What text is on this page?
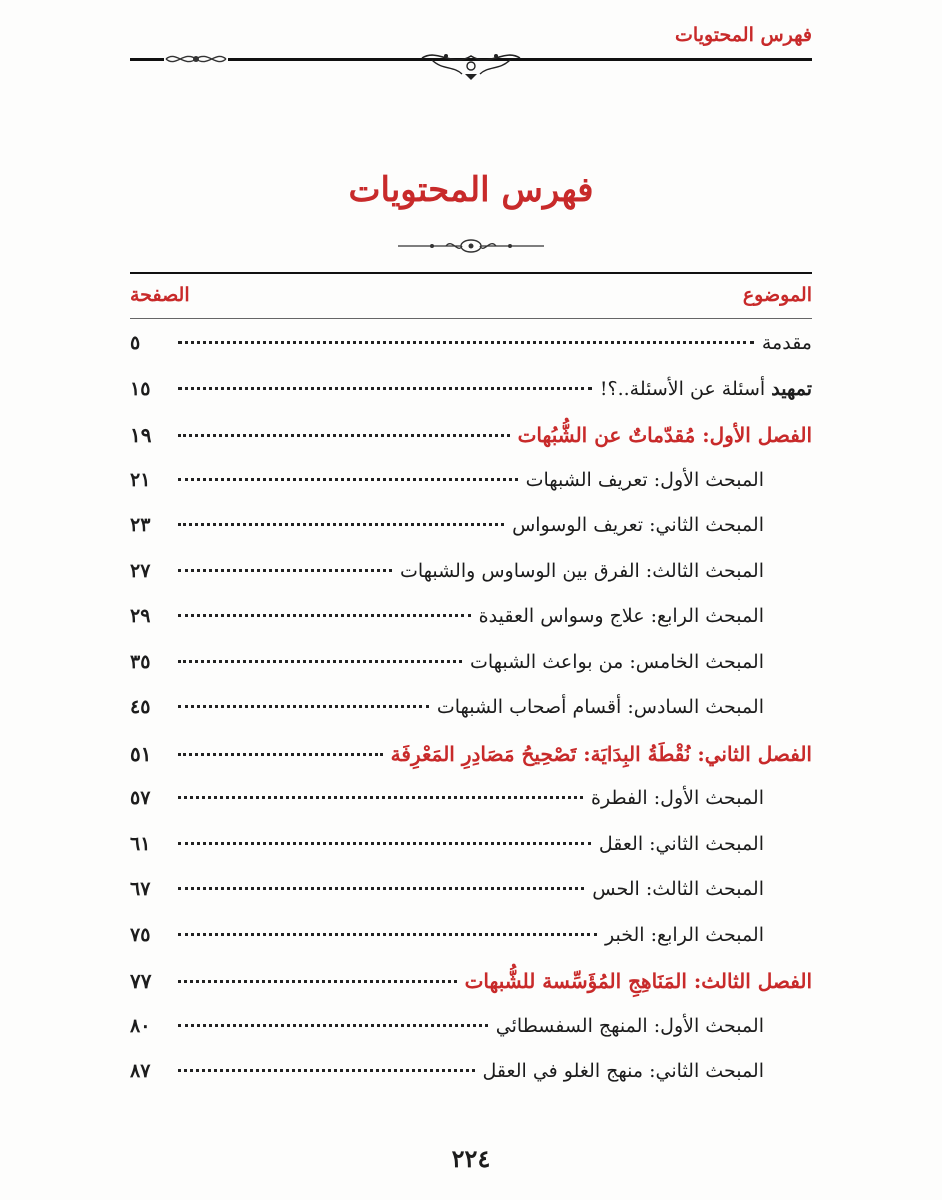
فهرس المحتويات
فهرس المحتويات
الموضوع
الصفحة
مقدمة
٥
تمهيد أسئلة عن الأسئلة..؟!
١٥
الفصل الأول: مُقدّماتٌ عن الشُّبُهات
١٩
المبحث الأول: تعريف الشبهات
٢١
المبحث الثاني: تعريف الوسواس
٢٣
المبحث الثالث: الفرق بين الوساوس والشبهات
٢٧
المبحث الرابع: علاج وسواس العقيدة
٢٩
المبحث الخامس: من بواعث الشبهات
٣٥
المبحث السادس: أقسام أصحاب الشبهات
٤٥
الفصل الثاني: نُقْطَةُ البِدَايَة: تَصْحِيحُ مَصَادِرِ المَعْرِفَة
٥١
المبحث الأول: الفطرة
٥٧
المبحث الثاني: العقل
٦١
المبحث الثالث: الحس
٦٧
المبحث الرابع: الخبر
٧٥
الفصل الثالث: المَنَاهِجِ المُؤَسِّسة للشُّبهات
٧٧
المبحث الأول: المنهج السفسطائي
٨٠
المبحث الثاني: منهج الغلو في العقل
٨٧
٢٢٤
